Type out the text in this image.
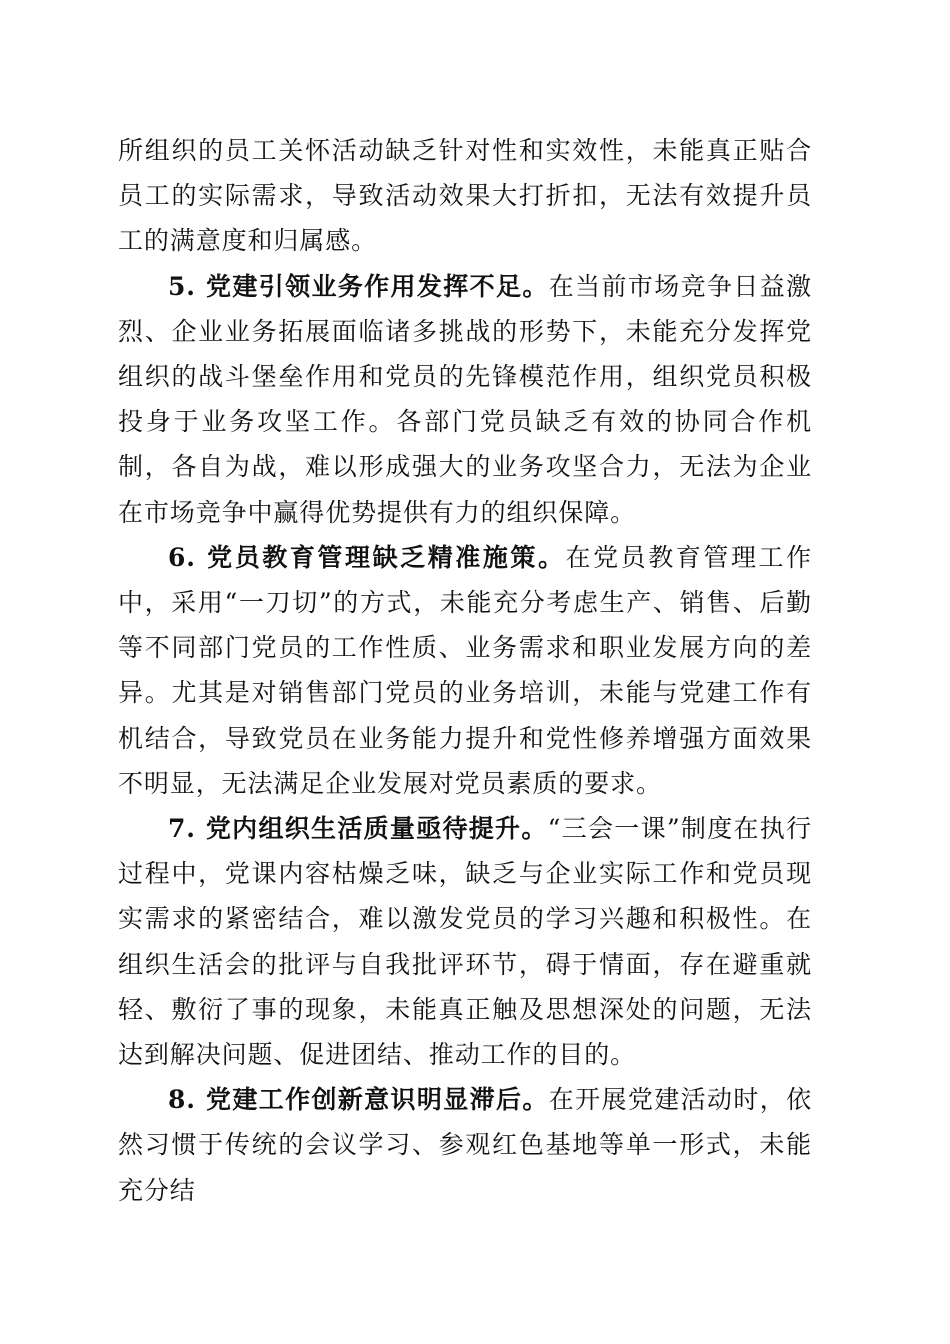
所组织的员工关怀活动缺乏针对性和实效性，未能真正贴合员工的实际需求，导致活动效果大打折扣，无法有效提升员工的满意度和归属感。

5. 党建引领业务作用发挥不足。在当前市场竞争日益激烈、企业业务拓展面临诸多挑战的形势下，未能充分发挥党组织的战斗堡垒作用和党员的先锋模范作用，组织党员积极投身于业务攻坚工作。各部门党员缺乏有效的协同合作机制，各自为战，难以形成强大的业务攻坚合力，无法为企业在市场竞争中赢得优势提供有力的组织保障。

6. 党员教育管理缺乏精准施策。在党员教育管理工作中，采用“一刀切”的方式，未能充分考虑生产、销售、后勤等不同部门党员的工作性质、业务需求和职业发展方向的差异。尤其是对销售部门党员的业务培训，未能与党建工作有机结合，导致党员在业务能力提升和党性修养增强方面效果不明显，无法满足企业发展对党员素质的要求。

7. 党内组织生活质量亟待提升。“三会一课”制度在执行过程中，党课内容枯燥乏味，缺乏与企业实际工作和党员现实需求的紧密结合，难以激发党员的学习兴趣和积极性。在组织生活会的批评与自我批评环节，碍于情面，存在避重就轻、敷衍了事的现象，未能真正触及思想深处的问题，无法达到解决问题、促进团结、推动工作的目的。

8. 党建工作创新意识明显滞后。在开展党建活动时，依然习惯于传统的会议学习、参观红色基地等单一形式，未能充分结
